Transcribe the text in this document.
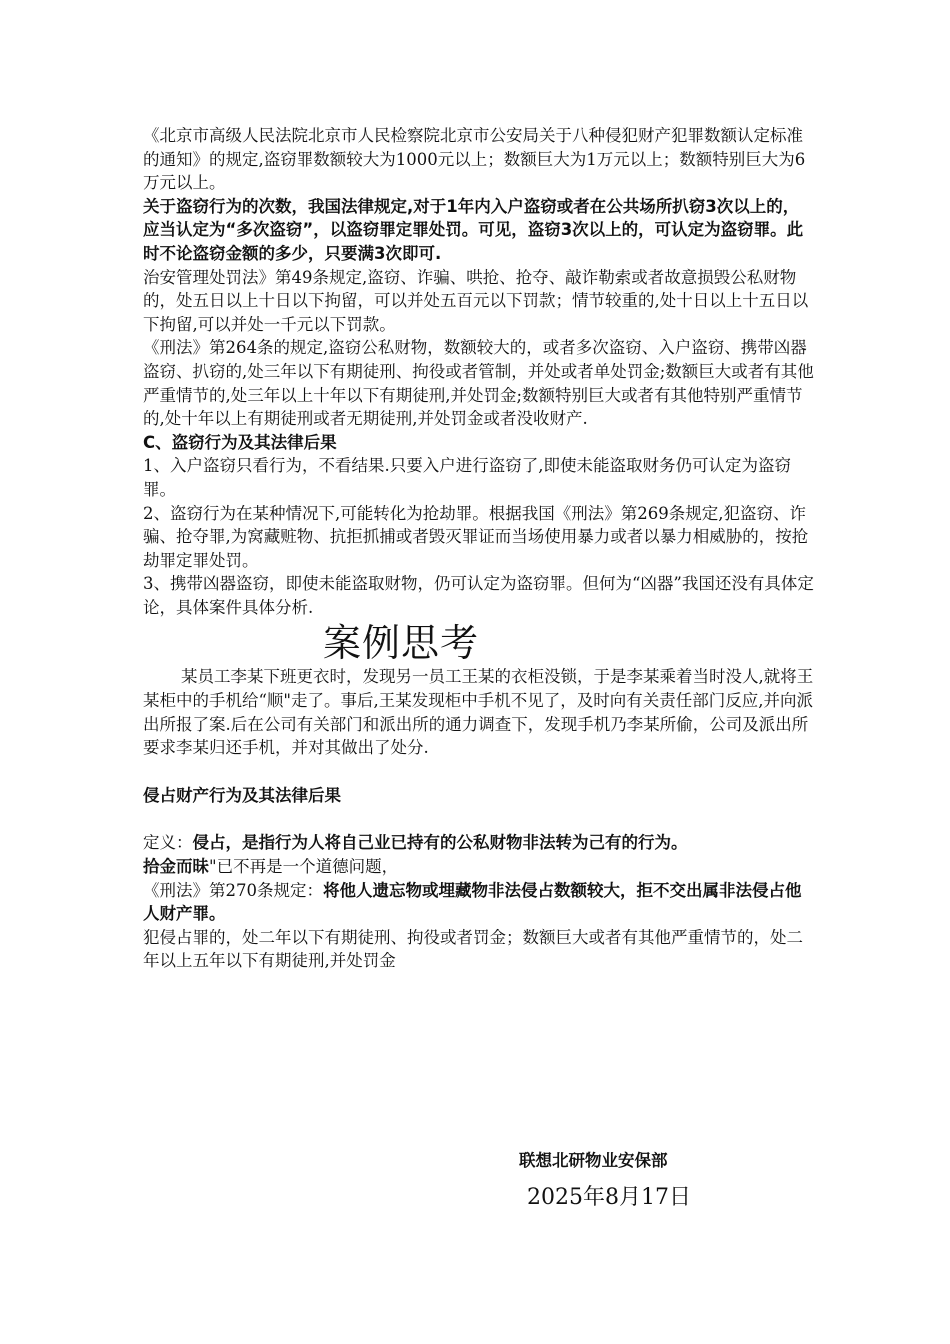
《北京市高级人民法院北京市人民检察院北京市公安局关于八种侵犯财产犯罪数额认定标准的通知》的规定,盗窃罪数额较大为1000元以上；数额巨大为1万元以上；数额特别巨大为6万元以上。

关于盗窃行为的次数，我国法律规定,对于1年内入户盗窃或者在公共场所扒窃3次以上的，应当认定为“多次盗窃”，以盗窃罪定罪处罚。可见，盗窃3次以上的，可认定为盗窃罪。此时不论盗窃金额的多少，只要满3次即可.

治安管理处罚法》第49条规定,盗窃、诈骗、哄抢、抢夺、敲诈勒索或者故意损毁公私财物的，处五日以上十日以下拘留，可以并处五百元以下罚款；情节较重的,处十日以上十五日以下拘留,可以并处一千元以下罚款。

《刑法》第264条的规定,盗窃公私财物，数额较大的，或者多次盗窃、入户盗窃、携带凶器盗窃、扒窃的,处三年以下有期徒刑、拘役或者管制，并处或者单处罚金;数额巨大或者有其他严重情节的,处三年以上十年以下有期徒刑,并处罚金;数额特别巨大或者有其他特别严重情节的,处十年以上有期徒刑或者无期徒刑,并处罚金或者没收财产.

C、盗窃行为及其法律后果

1、入户盗窃只看行为，不看结果.只要入户进行盗窃了,即使未能盗取财务仍可认定为盗窃罪。

2、盗窃行为在某种情况下,可能转化为抢劫罪。根据我国《刑法》第269条规定,犯盗窃、诈骗、抢夺罪,为窝藏赃物、抗拒抓捕或者毁灭罪证而当场使用暴力或者以暴力相威胁的，按抢劫罪定罪处罚。

3、携带凶器盗窃，即使未能盗取财物，仍可认定为盗窃罪。但何为“凶器”我国还没有具体定论，具体案件具体分析.

案例思考

某员工李某下班更衣时，发现另一员工王某的衣柜没锁，于是李某乘着当时没人,就将王某柜中的手机给“顺"走了。事后,王某发现柜中手机不见了，及时向有关责任部门反应,并向派出所报了案.后在公司有关部门和派出所的通力调查下，发现手机乃李某所偷，公司及派出所要求李某归还手机，并对其做出了处分.

侵占财产行为及其法律后果

定义：侵占，是指行为人将自己业已持有的公私财物非法转为己有的行为。

拾金而昧"已不再是一个道德问题，

《刑法》第270条规定：将他人遗忘物或埋藏物非法侵占数额较大，拒不交出属非法侵占他人财产罪。

犯侵占罪的，处二年以下有期徒刑、拘役或者罚金；数额巨大或者有其他严重情节的，处二年以上五年以下有期徒刑,并处罚金

联想北研物业安保部
2025年8月17日
